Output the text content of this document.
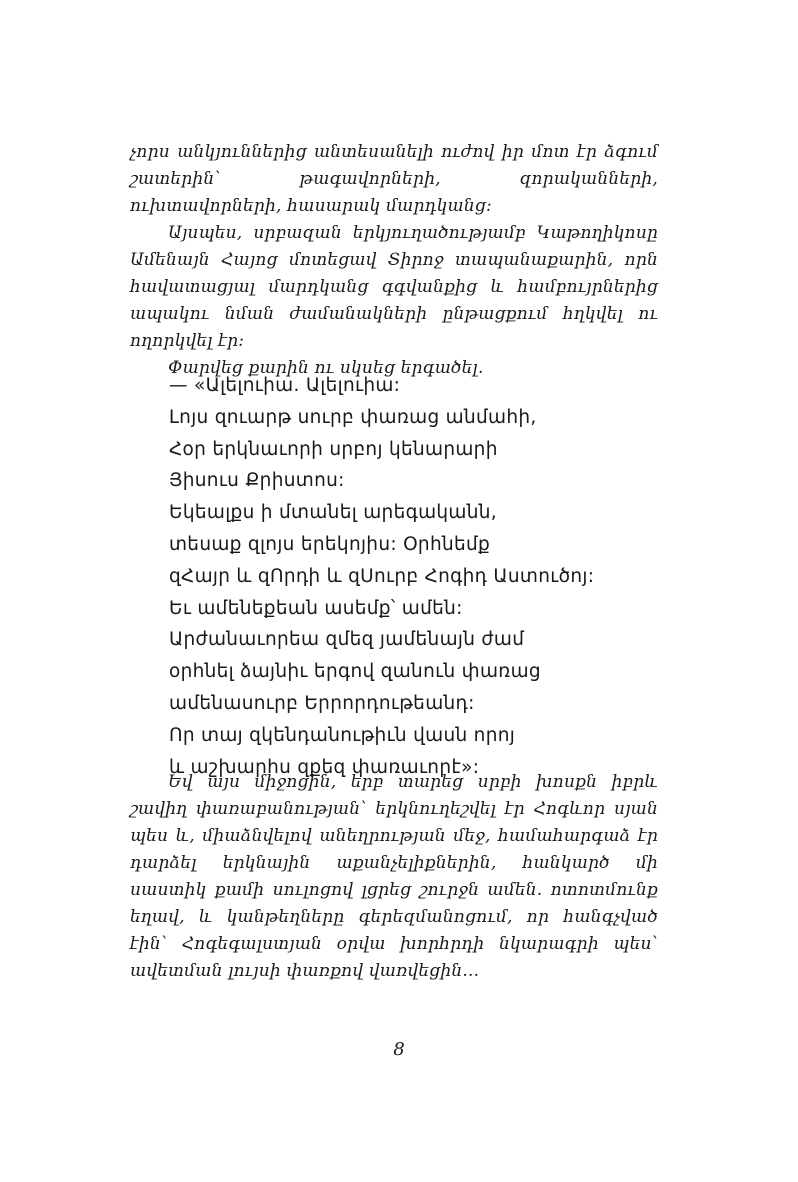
չորս անկյուններից անտեսանելի ուժով իր մոտ էր ձգում շատերին՝ թագավորների, զորականների, ուխտավորների, հասարակ մարդկանց:

Այսպես, սրբազան երկյուղածությամբ Կաթողիկոսը Ամենայն Հայոց մոտեցավ Տիրոջ տապանաքարին, որն հավատացյալ մարդկանց գգվանքից և համբույրներից ապակու նման ժամանակների ընթացքում հղկվել ու ողորկվել էր:

Փարվեց քարին ու սկսեց երգածել.

— «Ալելուիա. Ալելուիա:
Լոյս զուարթ սուրբ փառաց անմահի,
Հօր երկնաւորի սրբոյ կենարարի
Յիսուս Քրիստոս:
Եկեալքս ի մտանել արեգականն,
տեսաք զլոյս երեկոյիս: Օրհնեմք
զՀայր և զՈրդի և զՍուրբ Հոգիդ Աստուծոյ:
Եւ ամենեքեան ասեմք՝ ամեն:
Արժանաւորեա զմեզ յամենայն ժամ
օրհնել ձայնիւ երգով զանուն փառաց
ամենասուրբ Երրորդութեանդ:
Որ տայ զկենդանութիւն վասն որոյ
և աշխարհս զքեզ փառաւորէ»:

Եվ այս միջոցին, երբ տարեց սրբի խոսքն իբրև շավիղ փառաբանության՝ երկնուղեշվել էր Հոգևոր սյան պես և, միաձնվելով անեղրության մեջ, համահարգաձ էր դարձել երկնային աքանչելիքներին, հանկարծ մի սաստիկ քամի սուլոցով լցրեց շուրջն ամեն. ոտոտմունք եղավ, և կանթեղները գերեզմանոցում, որ հանգչված էին՝ Հոգեգալստյան օրվա խորհրդի նկարագրի պես՝ ավետման լույսի փառքով վառվեցին...

8
